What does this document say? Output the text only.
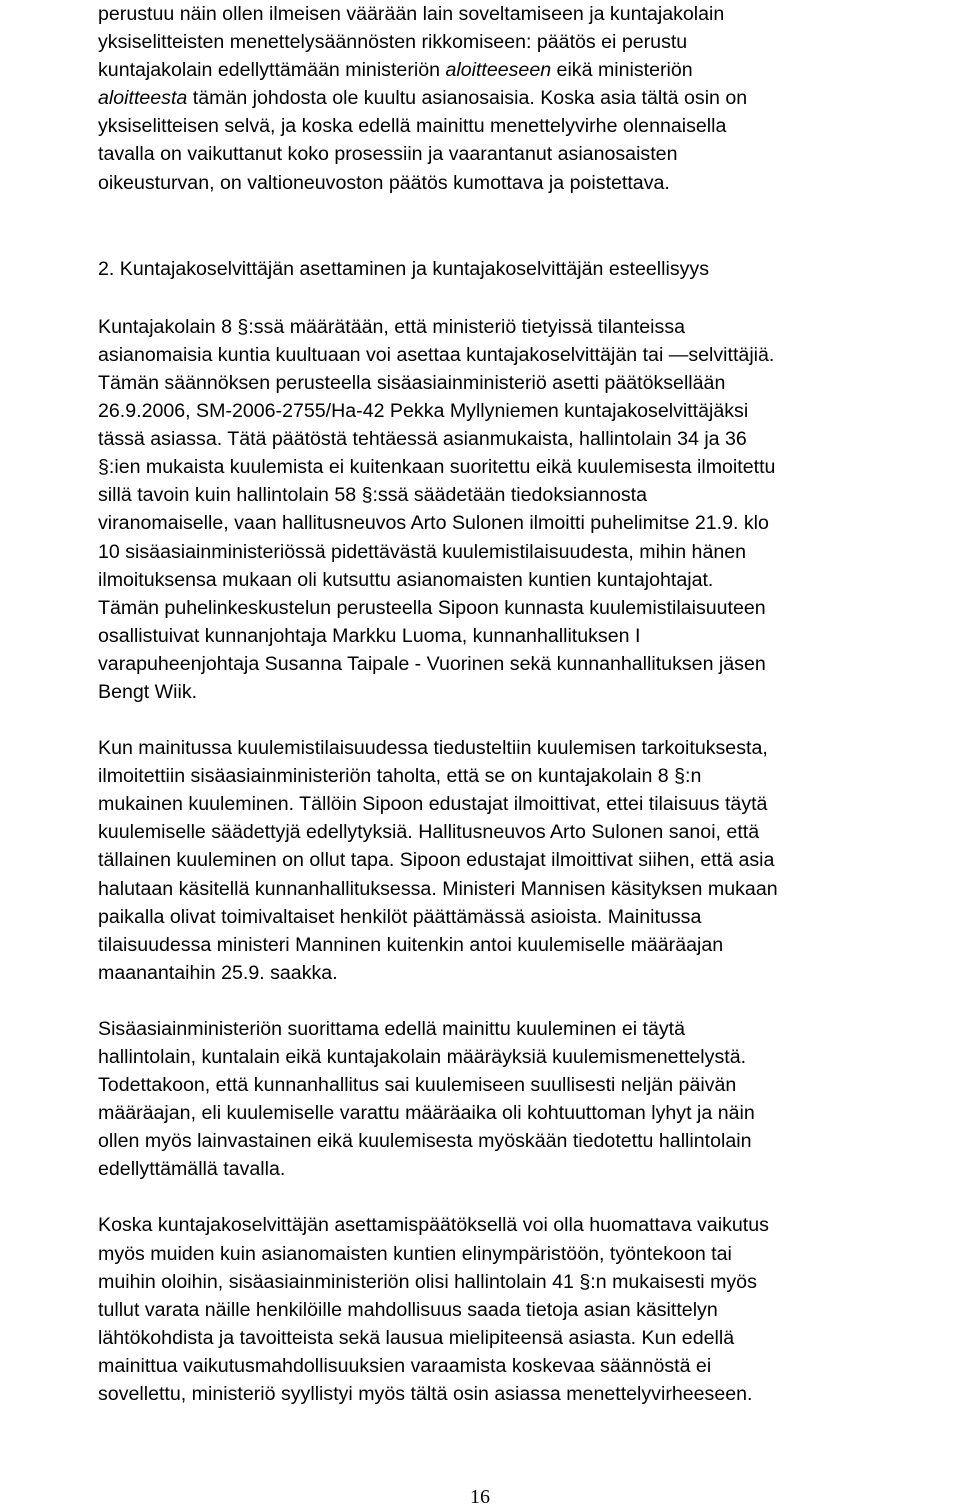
perustuu näin ollen ilmeisen väärään lain soveltamiseen ja kuntajakolain
yksiselitteisten menettelysäännösten rikkomiseen: päätös ei perustu
kuntajakolain edellyttämään ministeriön aloitteeseen eikä ministeriön
aloitteesta tämän johdosta ole kuultu asianosaisia. Koska asia tältä osin on
yksiselitteisen selvä, ja koska edellä mainittu menettelyvirhe olennaisella
tavalla on vaikuttanut koko prosessiin ja vaarantanut asianosaisten
oikeusturvan, on valtioneuvoston päätös kumottava ja poistettava.
2. Kuntajakoselvittäjän asettaminen ja kuntajakoselvittäjän esteellisyys
Kuntajakolain 8 §:ssä määrätään, että ministeriö tietyissä tilanteissa
asianomaisia kuntia kuultuaan voi asettaa kuntajakoselvittäjän tai —selvittäjiä.
Tämän säännöksen perusteella sisäasiainministeriö asetti päätöksellään
26.9.2006, SM-2006-2755/Ha-42 Pekka Myllyniemen kuntajakoselvittäjäksi
tässä asiassa. Tätä päätöstä tehtäessä asianmukaista, hallintolain 34 ja 36
§:ien mukaista kuulemista ei kuitenkaan suoritettu eikä kuulemisesta ilmoitettu
sillä tavoin kuin hallintolain 58 §:ssä säädetään tiedoksiannosta
viranomaiselle, vaan hallitusneuvos Arto Sulonen ilmoitti puhelimitse 21.9. klo
10 sisäasiainministeriössä pidettävästä kuulemistilaisuudesta, mihin hänen
ilmoituksensa mukaan oli kutsuttu asianomaisten kuntien kuntajohtajat.
Tämän puhelinkeskustelun perusteella Sipoon kunnasta kuulemistilaisuuteen
osallistuivat kunnanjohtaja Markku Luoma, kunnanhallituksen I
varapuheenjohtaja Susanna Taipale - Vuorinen sekä kunnanhallituksen jäsen
Bengt Wiik.
Kun mainitussa kuulemistilaisuudessa tiedusteltiin kuulemisen tarkoituksesta,
ilmoitettiin sisäasiainministeriön taholta, että se on kuntajakolain 8 §:n
mukainen kuuleminen. Tällöin Sipoon edustajat ilmoittivat, ettei tilaisuus täytä
kuulemiselle säädettyjä edellytyksiä. Hallitusneuvos Arto Sulonen sanoi, että
tällainen kuuleminen on ollut tapa. Sipoon edustajat ilmoittivat siihen, että asia
halutaan käsitellä kunnanhallituksessa. Ministeri Mannisen käsityksen mukaan
paikalla olivat toimivaltaiset henkilöt päättämässä asioista. Mainitussa
tilaisuudessa ministeri Manninen kuitenkin antoi kuulemiselle määräajan
maanantaihin 25.9. saakka.
Sisäasiainministeriön suorittama edellä mainittu kuuleminen ei täytä
hallintolain, kuntalain eikä kuntajakolain määräyksiä kuulemismenettelystä.
Todettakoon, että kunnanhallitus sai kuulemiseen suullisesti neljän päivän
määräajan, eli kuulemiselle varattu määräaika oli kohtuuttoman lyhyt ja näin
ollen myös lainvastainen eikä kuulemisesta myöskään tiedotettu hallintolain
edellyttämällä tavalla.
Koska kuntajakoselvittäjän asettamispäätöksellä voi olla huomattava vaikutus
myös muiden kuin asianomaisten kuntien elinympäristöön, työntekoon tai
muihin oloihin, sisäasiainministeriön olisi hallintolain 41 §:n mukaisesti myös
tullut varata näille henkilöille mahdollisuus saada tietoja asian käsittelyn
lähtökohdista ja tavoitteista sekä lausua mielipiteensä asiasta. Kun edellä
mainittua vaikutusmahdollisuuksien varaamista koskevaa säännöstä ei
sovellettu, ministeriö syyllistyi myös tältä osin asiassa menettelyvirheeseen.
16
